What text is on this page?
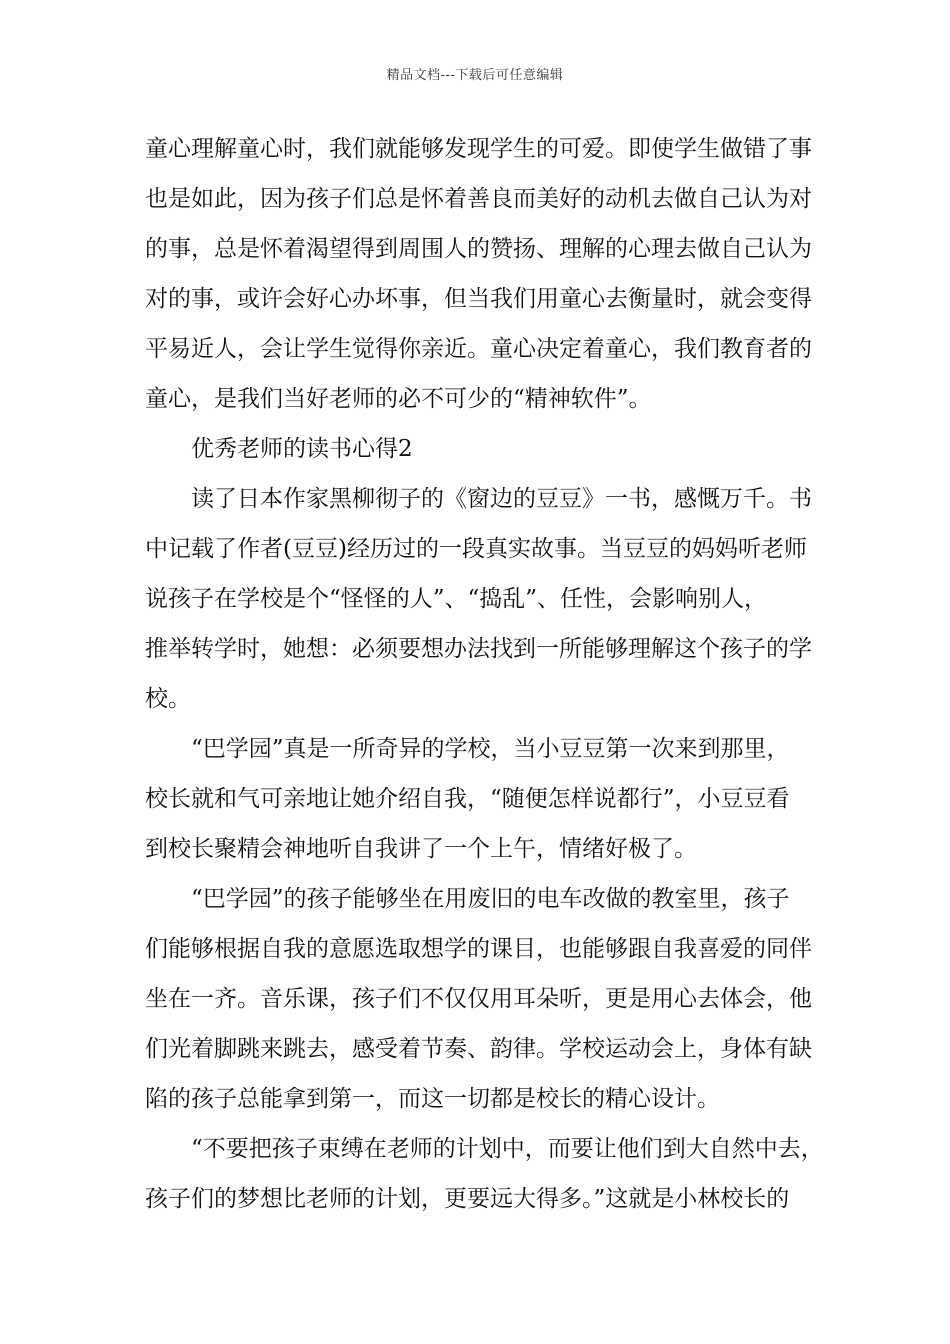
精品文档---下载后可任意编辑
童心理解童心时，我们就能够发现学生的可爱。即使学生做错了事
也是如此，因为孩子们总是怀着善良而美好的动机去做自己认为对
的事，总是怀着渴望得到周围人的赞扬、理解的心理去做自己认为
对的事，或许会好心办坏事，但当我们用童心去衡量时，就会变得
平易近人，会让学生觉得你亲近。童心决定着童心，我们教育者的
童心，是我们当好老师的必不可少的“精神软件”。
优秀老师的读书心得2
读了日本作家黑柳彻子的《窗边的豆豆》一书，感慨万千。书
中记载了作者(豆豆)经历过的一段真实故事。当豆豆的妈妈听老师
说孩子在学校是个“怪怪的人”、“捣乱”、任性，会影响别人，
推举转学时，她想：必须要想办法找到一所能够理解这个孩子的学
校。
“巴学园”真是一所奇异的学校，当小豆豆第一次来到那里，
校长就和气可亲地让她介绍自我，“随便怎样说都行”，小豆豆看
到校长聚精会神地听自我讲了一个上午，情绪好极了。
“巴学园”的孩子能够坐在用废旧的电车改做的教室里，孩子
们能够根据自我的意愿选取想学的课目，也能够跟自我喜爱的同伴
坐在一齐。音乐课，孩子们不仅仅用耳朵听，更是用心去体会，他
们光着脚跳来跳去，感受着节奏、韵律。学校运动会上，身体有缺
陷的孩子总能拿到第一，而这一切都是校长的精心设计。
“不要把孩子束缚在老师的计划中，而要让他们到大自然中去，
孩子们的梦想比老师的计划，更要远大得多。”这就是小林校长的
